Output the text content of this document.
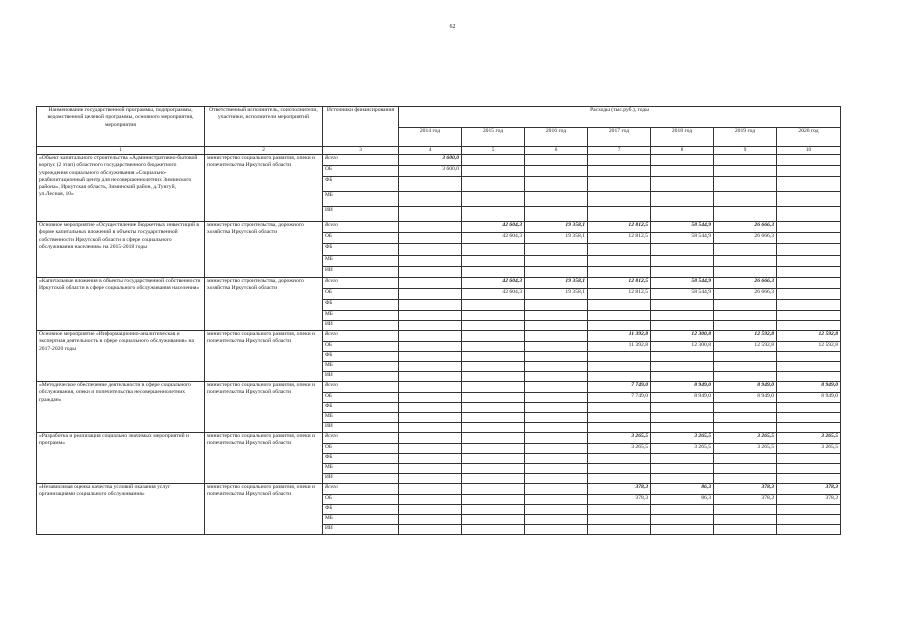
62
Наименование государственной программы, подпрограммы, ведомственной целевой программы, основного мероприятия, мероприятия	Ответственный исполнитель, соисполнители, участники, исполнители мероприятий	Источники финансирования	Расходы (тыс.руб.), годы						
			2014 год	2015 год	2016 год	2017 год	2018 год	2019 год	2020 год
1	2	3	4	5	6	7	8	9	10
«Объект капитального строительства «Административно-бытовой корпус (2 этап) областного государственного бюджетного учреждения социального обслуживания «Социально-реабилитационный центр для несовершеннолетних Зиминского района», Иркутская область, Зиминский район, д.Тунгуй, ул.Лесная, 10»	министерство социального развития, опеки и попечительства Иркутской области	Всего	3 600,0						
		ОБ	3 600,0						
		ФБ							
		МБ							
		ИИ							
Основное мероприятие «Осуществление бюджетных инвестиций в форме капитальных вложений в объекты государственной собственности Иркутской области в сфере социального обслуживания населения» на 2015-2018 годы	министерство строительства, дорожного хозяйства Иркутской области	Всего		42 604,3	19 358,1	12 812,5	58 544,9	26 666,3	
		ОБ		42 604,3	19 358,1	12 812,5	58 544,9	26 666,3	
		ФБ							
		МБ							
		ИИ							
«Капитальные вложения в объекты государственной собственности Иркутской области в сфере социального обслуживания населения»	министерство строительства, дорожного хозяйства Иркутской области	Всего		42 604,3	19 358,1	12 812,5	58 544,9	26 666,3	
		ОБ		42 604,3	19 358,1	12 812,5	58 544,9	26 666,3	
		ФБ							
		МБ							
		ИИ							
Основное мероприятие «Информационно-аналитическая и экспертная деятельность в сфере социального обслуживания» на 2017-2020 годы	министерство социального развития, опеки и попечительства Иркутской области	Всего				11 392,8	12 300,8	12 592,8	12 592,8
		ОБ				11 392,8	12 300,8	12 592,8	12 592,8
		ФБ							
		МБ							
		ИИ							
«Методическое обеспечение деятельности в сфере социального обслуживания, опеки и попечительства несовершеннолетних граждан»	министерство социального развития, опеки и попечительства Иркутской области	Всего				7 749,0	8 949,0	8 949,0	8 949,0
		ОБ				7 749,0	8 949,0	8 949,0	8 949,0
		ФБ							
		МБ							
		ИИ							
«Разработка и реализация социально значимых мероприятий и программ»	министерство социального развития, опеки и попечительства Иркутской области	Всего				3 265,5	3 265,5	3 265,5	3 265,5
		ОБ				3 265,5	3 265,5	3 265,5	3 265,5
		ФБ							
		МБ							
		ИИ							
«Независимая оценка качества условий оказания услуг организациями социального обслуживания»	министерство социального развития, опеки и попечительства Иркутской области	Всего				378,3	86,3	378,3	378,3
		ОБ				378,3	86,3	378,3	378,3
		ФБ							
		МБ							
		ИИ							
